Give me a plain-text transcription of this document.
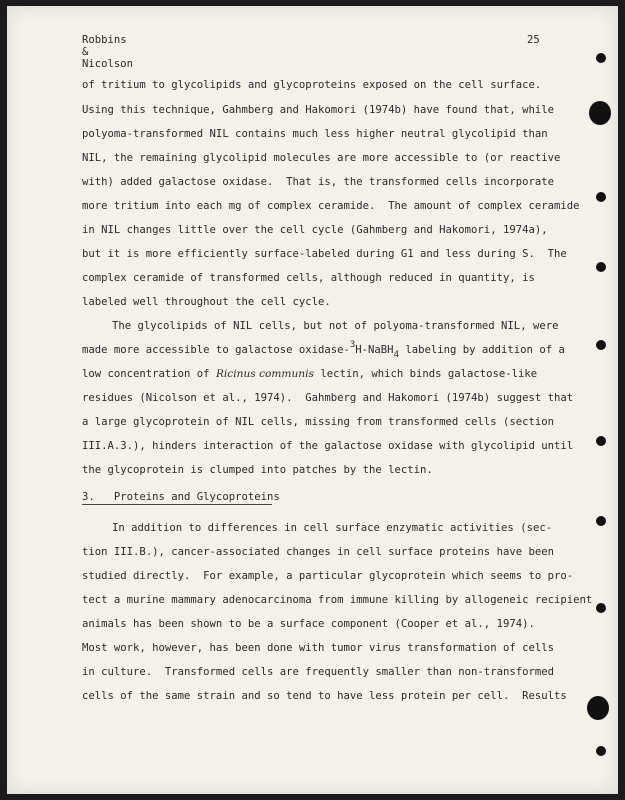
Robbins & Nicolson
25
of tritium to glycolipids and glycoproteins exposed on the cell surface.
Using this technique, Gahmberg and Hakomori (1974b) have found that, while
polyoma-transformed NIL contains much less higher neutral glycolipid than
NIL, the remaining glycolipid molecules are more accessible to (or reactive
with) added galactose oxidase.  That is, the transformed cells incorporate
more tritium into each mg of complex ceramide.  The amount of complex ceramide
in NIL changes little over the cell cycle (Gahmberg and Hakomori, 1974a),
but it is more efficiently surface-labeled during G1 and less during S.  The
complex ceramide of transformed cells, although reduced in quantity, is
labeled well throughout the cell cycle.
The glycolipids of NIL cells, but not of polyoma-transformed NIL, were
made more accessible to galactose oxidase-$^3$H-NaBH$_4$ labeling by addition of a
low concentration of Ricinus communis lectin, which binds galactose-like
residues (Nicolson et al., 1974).  Gahmberg and Hakomori (1974b) suggest that
a large glycoprotein of NIL cells, missing from transformed cells (section
III.A.3.), hinders interaction of the galactose oxidase with glycolipid until
the glycoprotein is clumped into patches by the lectin.
3.   Proteins and Glycoproteins
In addition to differences in cell surface enzymatic activities (sec-
tion III.B.), cancer-associated changes in cell surface proteins have been
studied directly.  For example, a particular glycoprotein which seems to pro-
tect a murine mammary adenocarcinoma from immune killing by allogeneic recipient
animals has been shown to be a surface component (Cooper et al., 1974).
Most work, however, has been done with tumor virus transformation of cells
in culture.  Transformed cells are frequently smaller than non-transformed
cells of the same strain and so tend to have less protein per cell.  Results
